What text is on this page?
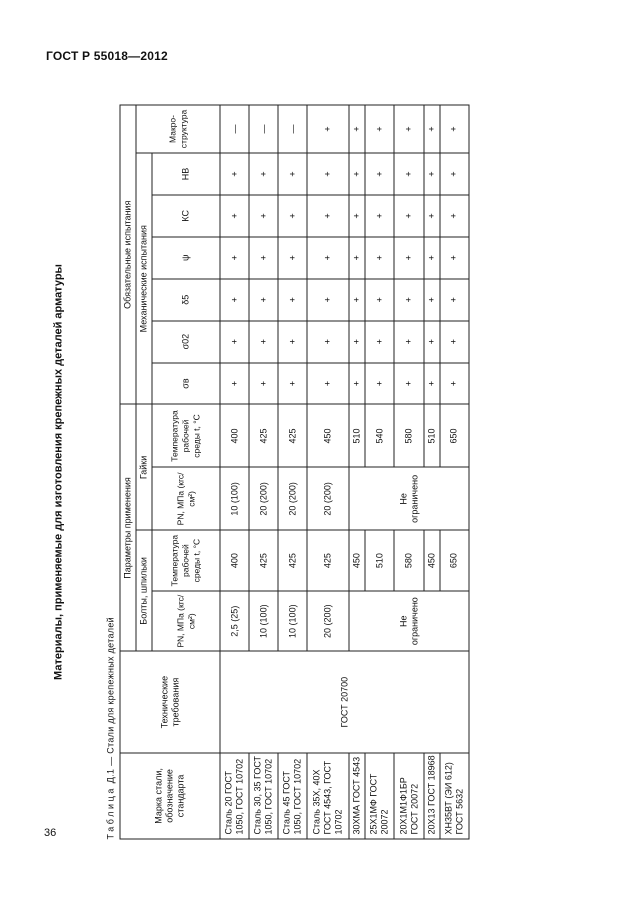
ГОСТ Р 55018—2012
Материалы, применяемые для изготовления крепежных деталей арматуры
Таблица Д.1 — Стали для крепежных деталей
Марка стали, обозначение стандарта	Технические требования	Параметры применения				Обязательные испытания						
		Болты, шпильки		Гайки		Механические испытания						Макро-структура
		PN, МПа (кгс/см²)	Температура рабочей среды t, °С	PN, МПа (кгс/см²)	Температура рабочей среды t, °С	σв	σ02	δ5	ψ	КС	НВ	

Сталь 20 ГОСТ 1050, ГОСТ 10702	ГОСТ 20700	2,5 (25)	400	10 (100)	400	+	+	+	+	+	+	—
Сталь 30, 35 ГОСТ 1050, ГОСТ 10702		10 (100)	425	20 (200)	425	+	+	+	+	+	+	—
Сталь 45 ГОСТ 1050, ГОСТ 10702		10 (100)	425	20 (200)	425	+	+	+	+	+	+	—
Сталь 35Х, 40Х ГОСТ 4543, ГОСТ 10702		20 (200)	425	20 (200)	450	+	+	+	+	+	+	+
30ХМА ГОСТ 4543		Не ограничено	450	Не ограничено	510	+	+	+	+	+	+	+
25Х1МФ ГОСТ 20072			510		540	+	+	+	+	+	+	+
20Х1М1Ф1БР ГОСТ 20072			580		580	+	+	+	+	+	+	+
20Х13 ГОСТ 18968			450		510	+	+	+	+	+	+	+
ХН35ВТ (ЭИ 612) ГОСТ 5632			650		650	+	+	+	+	+	+	+
36
